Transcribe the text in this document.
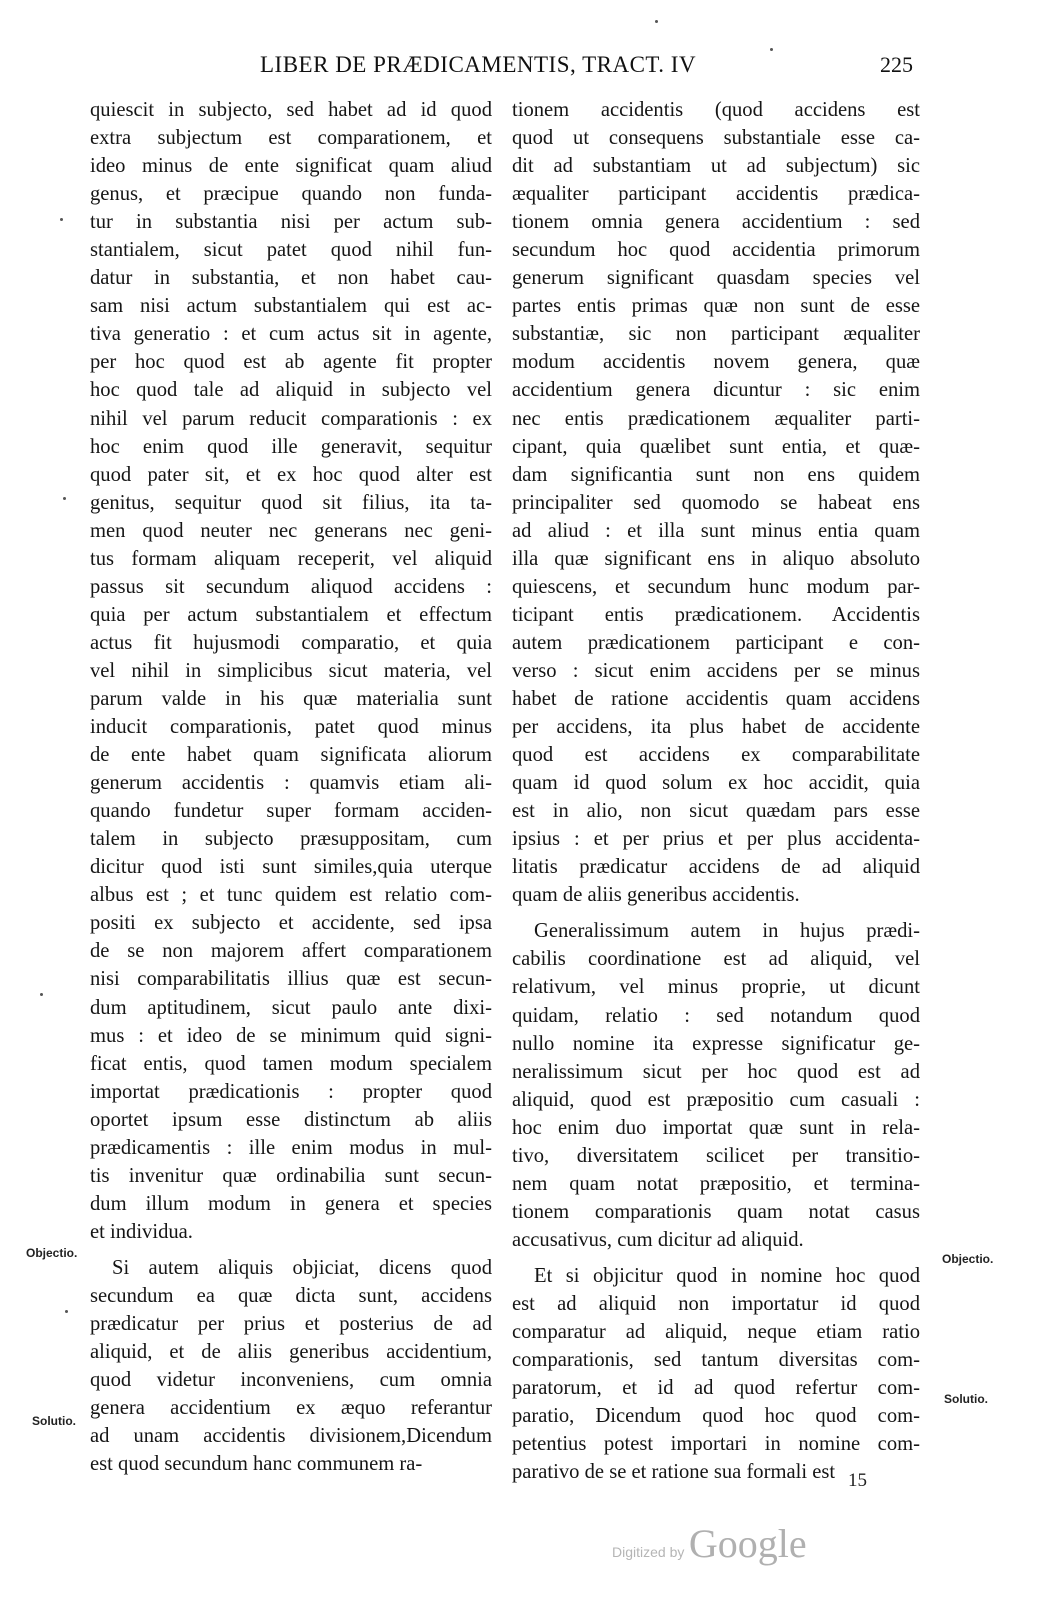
LIBER DE PRÆDICAMENTIS, TRACT. IV	225
quiescit in subjecto, sed habet ad id quod
extra subjectum est comparationem, et
ideo minus de ente significat quam aliud
genus, et præcipue quando non funda-
tur in substantia nisi per actum sub-
stantialem, sicut patet quod nihil fun-
datur in substantia, et non habet cau-
sam nisi actum substantialem qui est ac-
tiva generatio : et cum actus sit in agente,
per hoc quod est ab agente fit propter
hoc quod tale ad aliquid in subjecto vel
nihil vel parum reducit comparationis : ex
hoc enim quod ille generavit, sequitur
quod pater sit, et ex hoc quod alter est
genitus, sequitur quod sit filius, ita ta-
men quod neuter nec generans nec geni-
tus formam aliquam receperit, vel aliquid
passus sit secundum aliquod accidens :
quia per actum substantialem et effectum
actus fit hujusmodi comparatio, et quia
vel nihil in simplicibus sicut materia, vel
parum valde in his quæ materialia sunt
inducit comparationis, patet quod minus
de ente habet quam significata aliorum
generum accidentis : quamvis etiam ali-
quando fundetur super formam acciden-
talem in subjecto præsuppositam, cum
dicitur quod isti sunt similes,quia uterque
albus est ; et tunc quidem est relatio com-
positi ex subjecto et accidente, sed ipsa
de se non majorem affert comparationem
nisi comparabilitatis illius quæ est secun-
dum aptitudinem, sicut paulo ante dixi-
mus : et ideo de se minimum quid signi-
ficat entis, quod tamen modum specialem
importat prædicationis : propter quod
oportet ipsum esse distinctum ab aliis
prædicamentis : ille enim modus in mul-
tis invenitur quæ ordinabilia sunt secun-
dum illum modum in genera et species
et individua.
Si autem aliquis objiciat, dicens quod
secundum ea quæ dicta sunt, accidens
prædicatur per prius et posterius de ad
aliquid, et de aliis generibus accidentium,
quod videtur inconveniens, cum omnia
genera accidentium ex æquo referantur
ad unam accidentis divisionem,Dicendum
est quod secundum hanc communem ra-
tionem accidentis (quod accidens est
quod ut consequens substantiale esse ca-
dit ad substantiam ut ad subjectum) sic
æqualiter participant accidentis prædica-
tionem omnia genera accidentium : sed
secundum hoc quod accidentia primorum
generum significant quasdam species vel
partes entis primas quæ non sunt de esse
substantiæ, sic non participant æqualiter
modum accidentis novem genera, quæ
accidentium genera dicuntur : sic enim
nec entis prædicationem æqualiter parti-
cipant, quia quælibet sunt entia, et quæ-
dam significantia sunt non ens quidem
principaliter sed quomodo se habeat ens
ad aliud : et illa sunt minus entia quam
illa quæ significant ens in aliquo absoluto
quiescens, et secundum hunc modum par-
ticipant entis prædicationem. Accidentis
autem prædicationem participant e con-
verso : sicut enim accidens per se minus
habet de ratione accidentis quam accidens
per accidens, ita plus habet de accidente
quod est accidens ex comparabilitate
quam id quod solum ex hoc accidit, quia
est in alio, non sicut quædam pars esse
ipsius : et per prius et per plus accidenta-
litatis prædicatur accidens de ad aliquid
quam de aliis generibus accidentis.
Generalissimum autem in hujus prædi-
cabilis coordinatione est ad aliquid, vel
relativum, vel minus proprie, ut dicunt
quidam, relatio : sed notandum quod
nullo nomine ita expresse significatur ge-
neralissimum sicut per hoc quod est ad
aliquid, quod est præpositio cum casuali :
hoc enim duo importat quæ sunt in rela-
tivo, diversitatem scilicet per transitio-
nem quam notat præpositio, et termina-
tionem comparationis quam notat casus
accusativus, cum dicitur ad aliquid.
Et si objicitur quod in nomine hoc quod
est ad aliquid non importatur id quod
comparatur ad aliquid, neque etiam ratio
comparationis, sed tantum diversitas com-
paratorum, et id ad quod refertur com-
paratio, Dicendum quod hoc quod com-
petentius potest importari in nomine com-
parativo de se et ratione sua formali est
Objectio.
Solutio.
Objectio.
Solutio.
15
Digitized by Google
